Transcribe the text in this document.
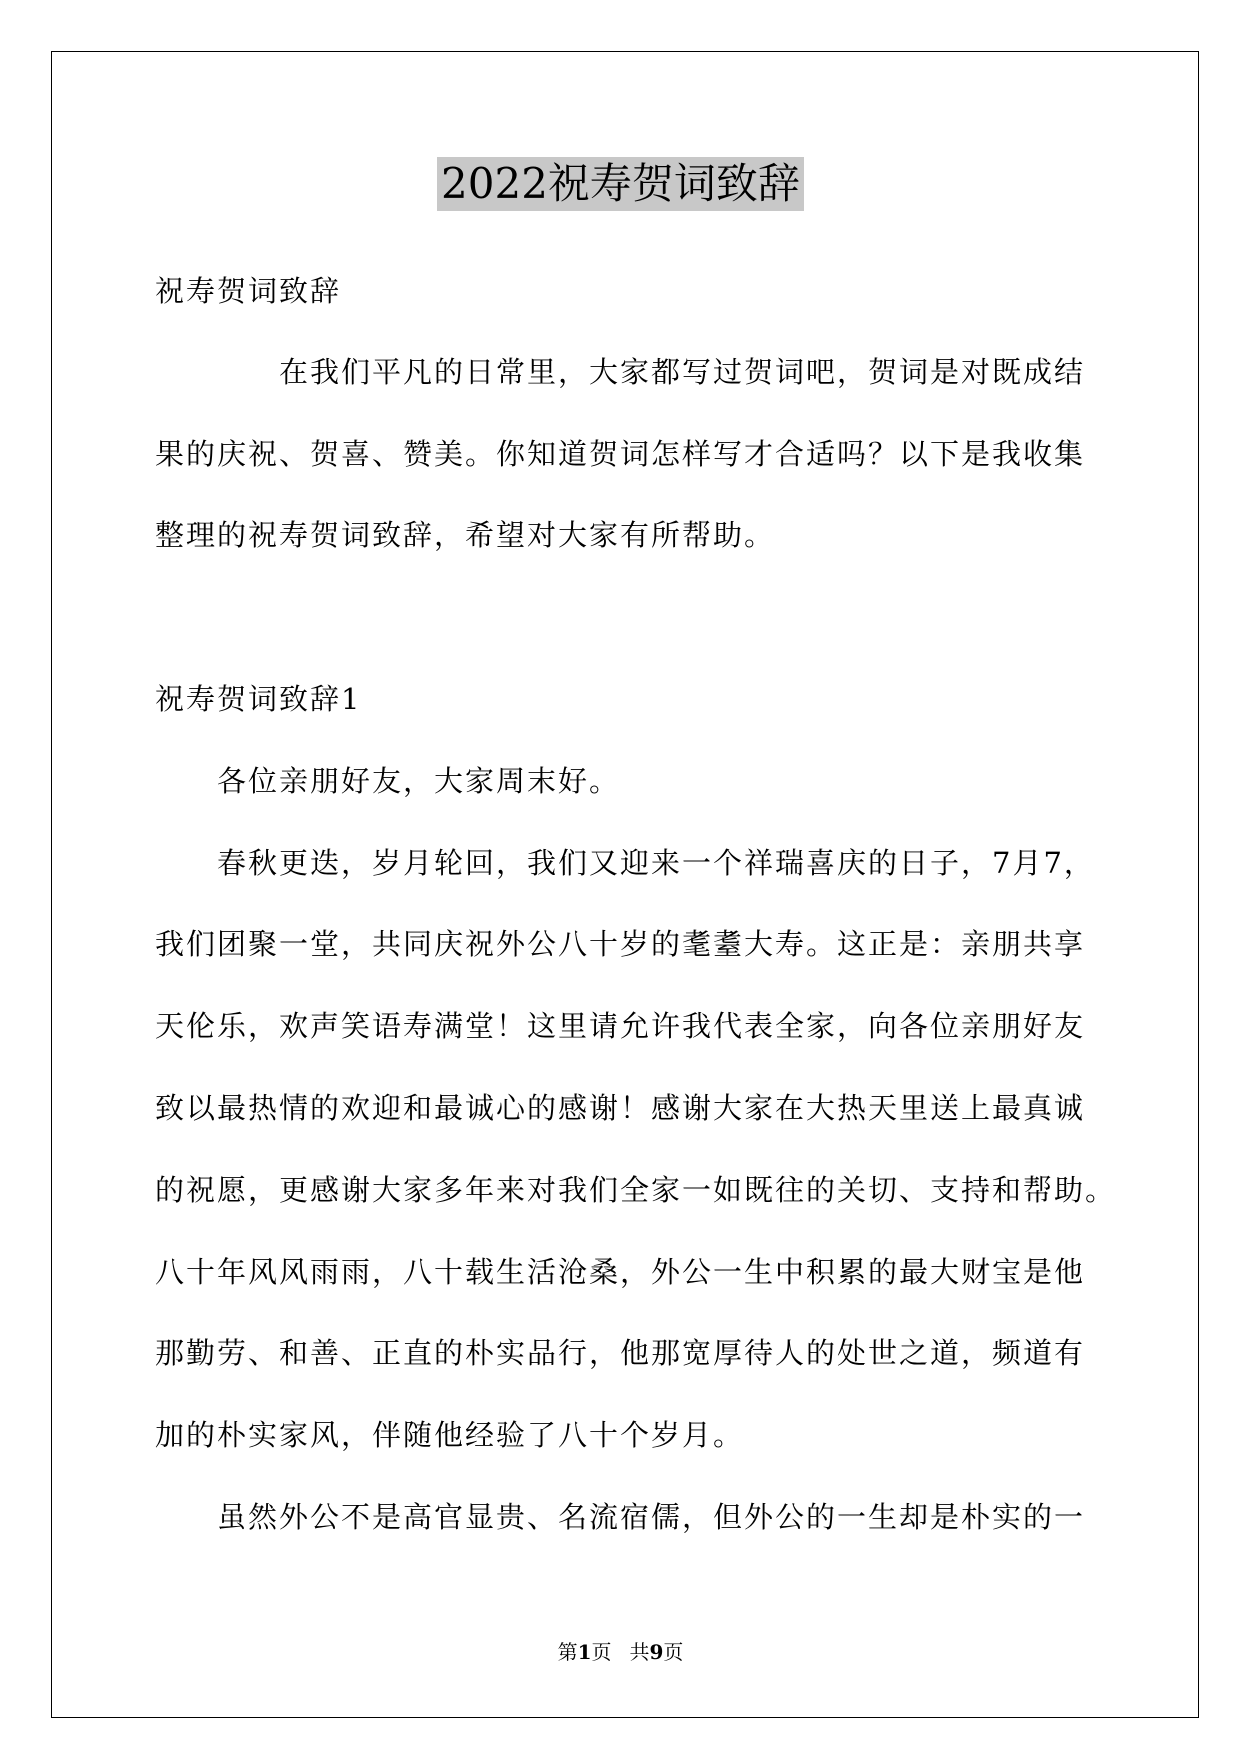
2022祝寿贺词致辞
祝寿贺词致辞
在我们平凡的日常里，大家都写过贺词吧，贺词是对既成结
果的庆祝、贺喜、赞美。你知道贺词怎样写才合适吗？以下是我收集
整理的祝寿贺词致辞，希望对大家有所帮助。
祝寿贺词致辞1
各位亲朋好友，大家周末好。
春秋更迭，岁月轮回，我们又迎来一个祥瑞喜庆的日子，7月7，
我们团聚一堂，共同庆祝外公八十岁的耄耋大寿。这正是：亲朋共享
天伦乐，欢声笑语寿满堂！这里请允许我代表全家，向各位亲朋好友
致以最热情的欢迎和最诚心的感谢！感谢大家在大热天里送上最真诚
的祝愿，更感谢大家多年来对我们全家一如既往的关切、支持和帮助。
八十年风风雨雨，八十载生活沧桑，外公一生中积累的最大财宝是他
那勤劳、和善、正直的朴实品行，他那宽厚待人的处世之道，频道有
加的朴实家风，伴随他经验了八十个岁月。
虽然外公不是高官显贵、名流宿儒，但外公的一生却是朴实的一
第1页 共9页
